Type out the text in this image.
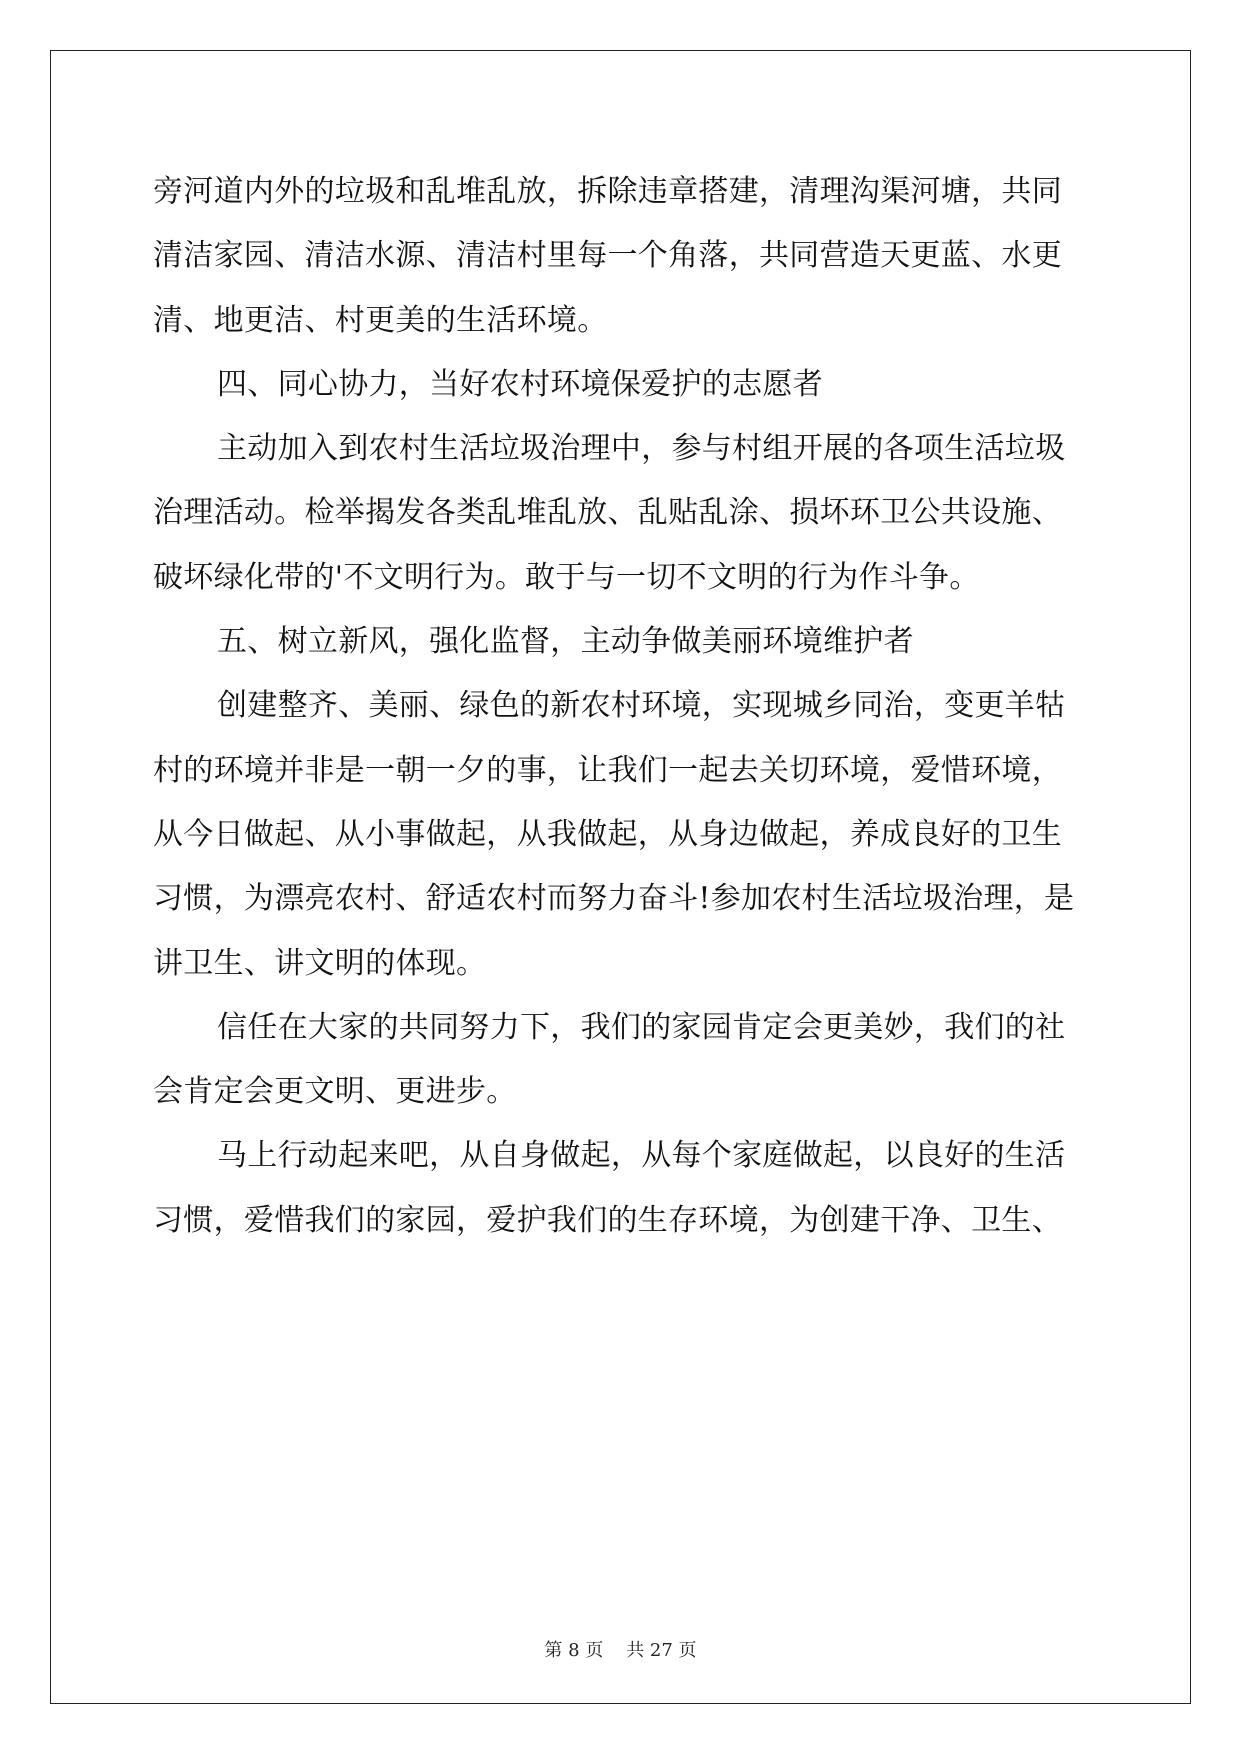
旁河道内外的垃圾和乱堆乱放，拆除违章搭建，清理沟渠河塘，共同
清洁家园、清洁水源、清洁村里每一个角落，共同营造天更蓝、水更
清、地更洁、村更美的生活环境。
四、同心协力，当好农村环境保爱护的志愿者
主动加入到农村生活垃圾治理中，参与村组开展的各项生活垃圾
治理活动。检举揭发各类乱堆乱放、乱贴乱涂、损坏环卫公共设施、
破坏绿化带的'不文明行为。敢于与一切不文明的行为作斗争。
五、树立新风，强化监督，主动争做美丽环境维护者
创建整齐、美丽、绿色的新农村环境，实现城乡同治，变更羊牯
村的环境并非是一朝一夕的事，让我们一起去关切环境，爱惜环境，
从今日做起、从小事做起，从我做起，从身边做起，养成良好的卫生
习惯，为漂亮农村、舒适农村而努力奋斗!参加农村生活垃圾治理，是
讲卫生、讲文明的体现。
信任在大家的共同努力下，我们的家园肯定会更美妙，我们的社
会肯定会更文明、更进步。
马上行动起来吧，从自身做起，从每个家庭做起，以良好的生活
习惯，爱惜我们的家园，爱护我们的生存环境，为创建干净、卫生、

第 8 页    共 27 页
